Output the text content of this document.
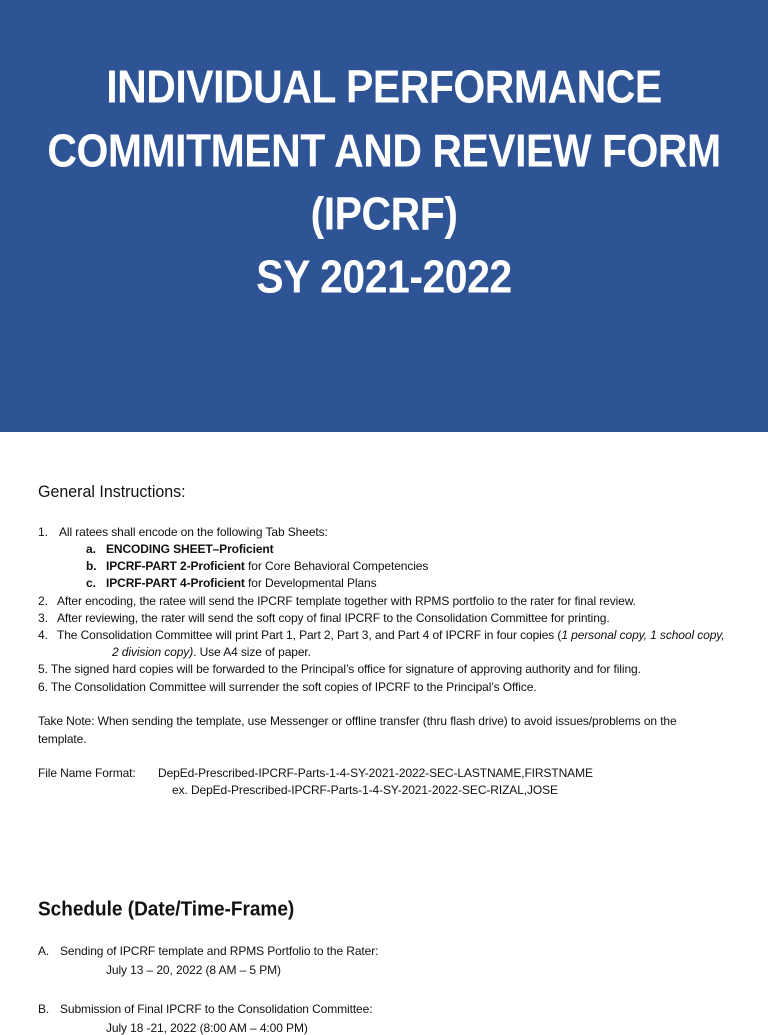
INDIVIDUAL PERFORMANCE
COMMITMENT AND REVIEW FORM
(IPCRF)
SY 2021-2022
General Instructions:
1. All ratees shall encode on the following Tab Sheets:
a. ENCODING SHEET–Proficient
b. IPCRF-PART 2-Proficient for Core Behavioral Competencies
c. IPCRF-PART 4-Proficient for Developmental Plans
2. After encoding, the ratee will send the IPCRF template together with RPMS portfolio to the rater for final review.
3. After reviewing, the rater will send the soft copy of final IPCRF to the Consolidation Committee for printing.
4. The Consolidation Committee will print Part 1, Part 2, Part 3, and Part 4 of IPCRF in four copies (1 personal copy, 1 school copy,
2 division copy). Use A4 size of paper.
5. The signed hard copies will be forwarded to the Principal’s office for signature of approving authority and for filing.
6. The Consolidation Committee will surrender the soft copies of IPCRF to the Principal’s Office.
Take Note: When sending the template, use Messenger or offline transfer (thru flash drive) to avoid issues/problems on the
template.
File Name Format: DepEd-Prescribed-IPCRF-Parts-1-4-SY-2021-2022-SEC-LASTNAME,FIRSTNAME
ex. DepEd-Prescribed-IPCRF-Parts-1-4-SY-2021-2022-SEC-RIZAL,JOSE
Schedule (Date/Time-Frame)
A. Sending of IPCRF template and RPMS Portfolio to the Rater:
July 13 – 20, 2022 (8 AM – 5 PM)
B. Submission of Final IPCRF to the Consolidation Committee:
July 18 -21, 2022 (8:00 AM – 4:00 PM)
